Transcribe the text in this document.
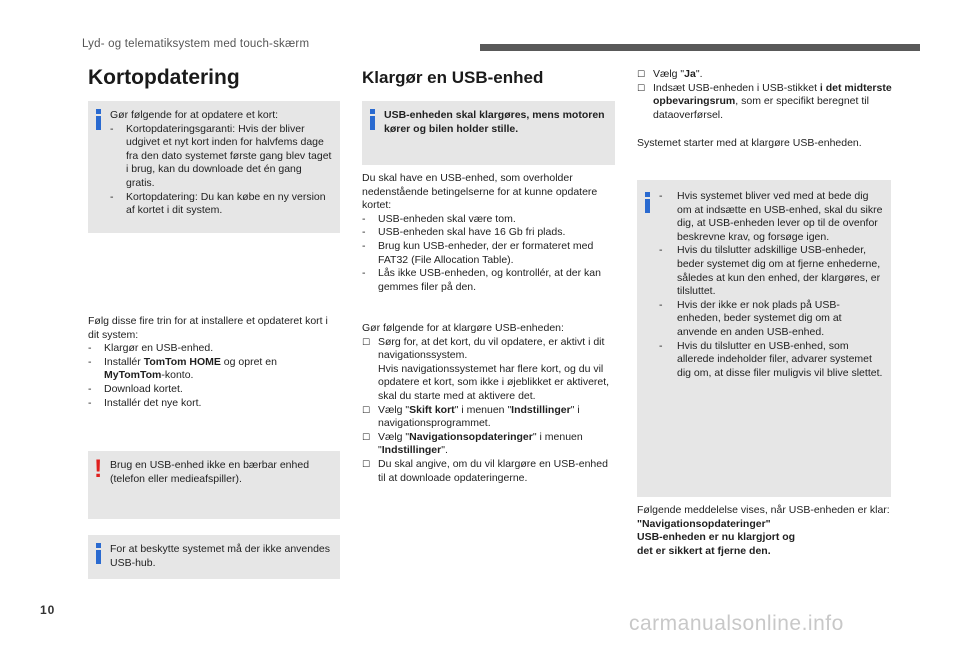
Lyd- og telematiksystem med touch-skærm
Kortopdatering
Gør følgende for at opdatere et kort:
- Kortopdateringsgaranti: Hvis der bliver udgivet et nyt kort inden for halvfems dage fra den dato systemet første gang blev taget i brug, kan du downloade det én gang gratis.
- Kortopdatering: Du kan købe en ny version af kortet i dit system.
Følg disse fire trin for at installere et opdateret kort i dit system:
- Klargør en USB-enhed.
- Installér TomTom HOME og opret en MyTomTom-konto.
- Download kortet.
- Installér det nye kort.
! Brug en USB-enhed ikke en bærbar enhed (telefon eller medieafspiller).
For at beskytte systemet må der ikke anvendes USB-hub.
Klargør en USB-enhed
USB-enheden skal klargøres, mens motoren kører og bilen holder stille.
Du skal have en USB-enhed, som overholder nedenstående betingelserne for at kunne opdatere kortet:
- USB-enheden skal være tom.
- USB-enheden skal have 16 Gb fri plads.
- Brug kun USB-enheder, der er formateret med FAT32 (File Allocation Table).
- Lås ikke USB-enheden, og kontrollér, at der kan gemmes filer på den.
Gør følgende for at klargøre USB-enheden:
☐ Sørg for, at det kort, du vil opdatere, er aktivt i dit navigationssystem.
Hvis navigationssystemet har flere kort, og du vil opdatere et kort, som ikke i øjeblikket er aktiveret, skal du starte med at aktivere det.
☐ Vælg "Skift kort" i menuen "Indstillinger" i navigationsprogrammet.
☐ Vælg "Navigationsopdateringer" i menuen "Indstillinger".
☐ Du skal angive, om du vil klargøre en USB-enhed til at downloade opdateringerne.
☐ Vælg "Ja".
☐ Indsæt USB-enheden i USB-stikket i det midterste opbevaringsrum, som er specifikt beregnet til dataoverførsel.
Systemet starter med at klargøre USB-enheden.
- Hvis systemet bliver ved med at bede dig om at indsætte en USB-enhed, skal du sikre dig, at USB-enheden lever op til de ovenfor beskrevne krav, og forsøge igen.
- Hvis du tilslutter adskillige USB-enheder, beder systemet dig om at fjerne enhederne, således at kun den enhed, der klargøres, er tilsluttet.
- Hvis der ikke er nok plads på USB-enheden, beder systemet dig om at anvende en anden USB-enhed.
- Hvis du tilslutter en USB-enhed, som allerede indeholder filer, advarer systemet dig om, at disse filer muligvis vil blive slettet.
Følgende meddelelse vises, når USB-enheden er klar:
"Navigationsopdateringer"
USB-enheden er nu klargjort og
det er sikkert at fjerne den.
10
carmanualsonline.info
